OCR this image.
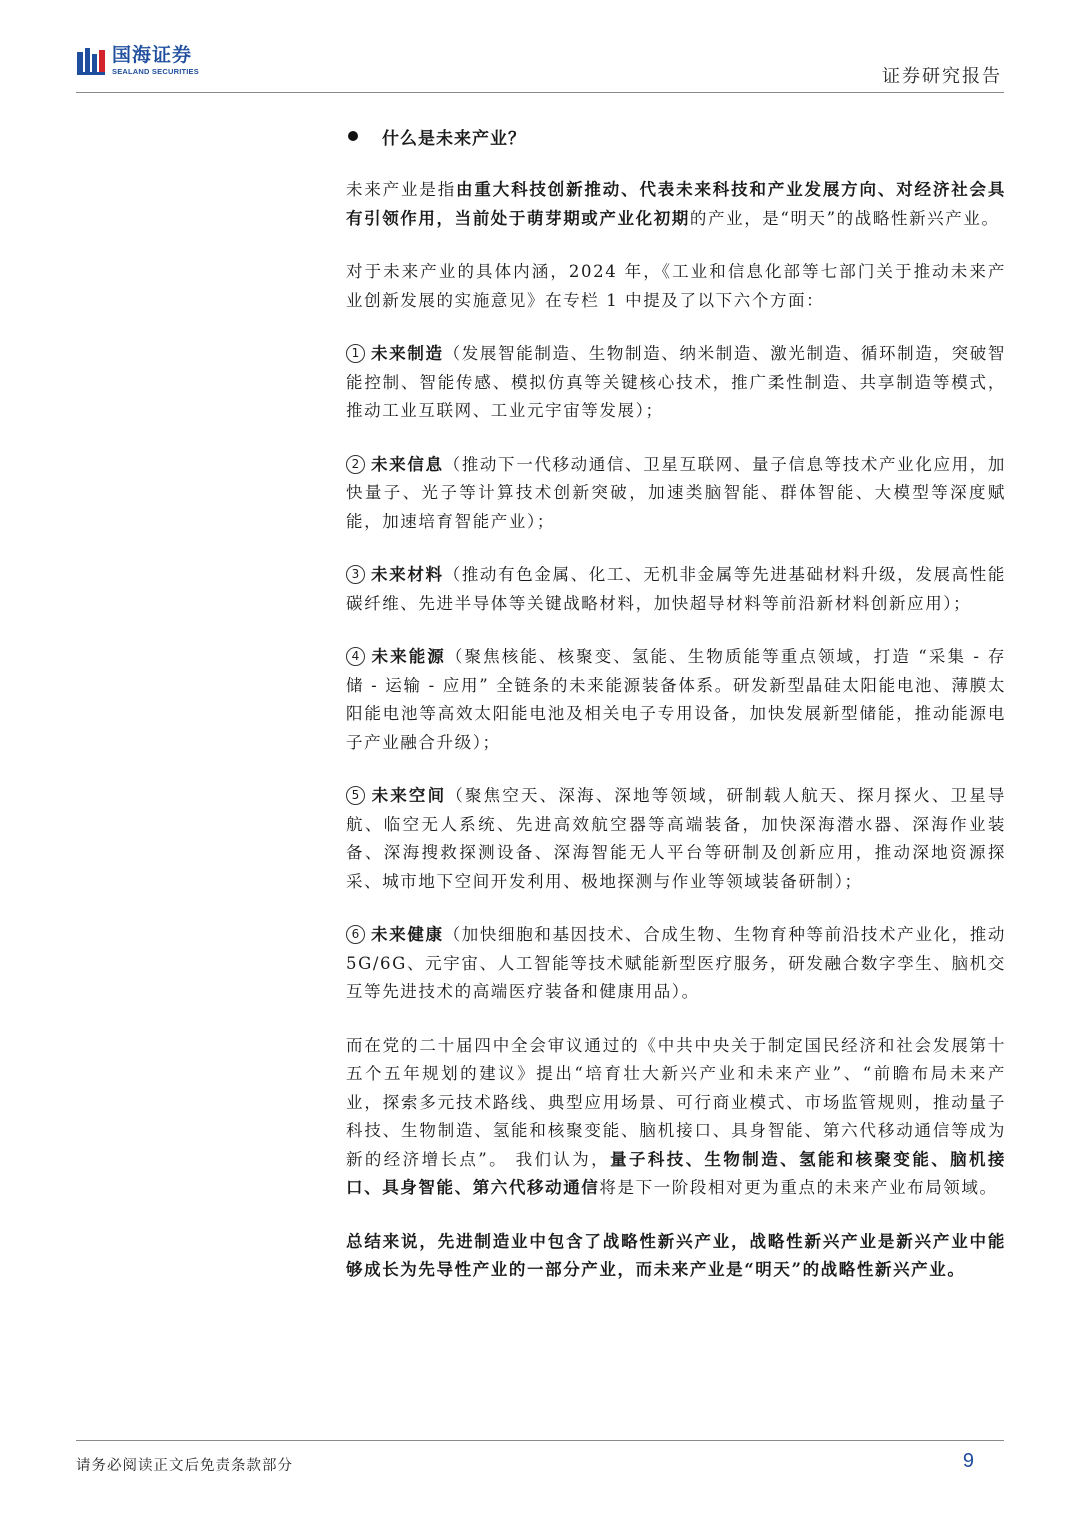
国海证券
SEALAND SECURITIES	证券研究报告
什么是未来产业？

未来产业是指由重大科技创新推动、代表未来科技和产业发展方向、对经济社会具有引领作用，当前处于萌芽期或产业化初期的产业，是“明天”的战略性新兴产业。

对于未来产业的具体内涵，2024 年，《工业和信息化部等七部门关于推动未来产业创新发展的实施意见》在专栏 1 中提及了以下六个方面：

1 未来制造（发展智能制造、生物制造、纳米制造、激光制造、循环制造，突破智能控制、智能传感、模拟仿真等关键核心技术，推广柔性制造、共享制造等模式，推动工业互联网、工业元宇宙等发展）；

2 未来信息（推动下一代移动通信、卫星互联网、量子信息等技术产业化应用，加快量子、光子等计算技术创新突破，加速类脑智能、群体智能、大模型等深度赋能，加速培育智能产业）；

3 未来材料（推动有色金属、化工、无机非金属等先进基础材料升级，发展高性能碳纤维、先进半导体等关键战略材料，加快超导材料等前沿新材料创新应用）；

4 未来能源（聚焦核能、核聚变、氢能、生物质能等重点领域，打造 “采集 - 存储 - 运输 - 应用” 全链条的未来能源装备体系。研发新型晶硅太阳能电池、薄膜太阳能电池等高效太阳能电池及相关电子专用设备，加快发展新型储能，推动能源电子产业融合升级）；

5 未来空间（聚焦空天、深海、深地等领域，研制载人航天、探月探火、卫星导航、临空无人系统、先进高效航空器等高端装备，加快深海潜水器、深海作业装备、深海搜救探测设备、深海智能无人平台等研制及创新应用，推动深地资源探采、城市地下空间开发利用、极地探测与作业等领域装备研制）；

6 未来健康（加快细胞和基因技术、合成生物、生物育种等前沿技术产业化，推动 5G/6G、元宇宙、人工智能等技术赋能新型医疗服务，研发融合数字孪生、脑机交互等先进技术的高端医疗装备和健康用品）。

而在党的二十届四中全会审议通过的《中共中央关于制定国民经济和社会发展第十五个五年规划的建议》提出“培育壮大新兴产业和未来产业”、“前瞻布局未来产业，探索多元技术路线、典型应用场景、可行商业模式、市场监管规则，推动量子科技、生物制造、氢能和核聚变能、脑机接口、具身智能、第六代移动通信等成为新的经济增长点”。 我们认为，量子科技、生物制造、氢能和核聚变能、脑机接口、具身智能、第六代移动通信将是下一阶段相对更为重点的未来产业布局领域。

总结来说，先进制造业中包含了战略性新兴产业，战略性新兴产业是新兴产业中能够成长为先导性产业的一部分产业，而未来产业是“明天”的战略性新兴产业。

请务必阅读正文后免责条款部分	9
